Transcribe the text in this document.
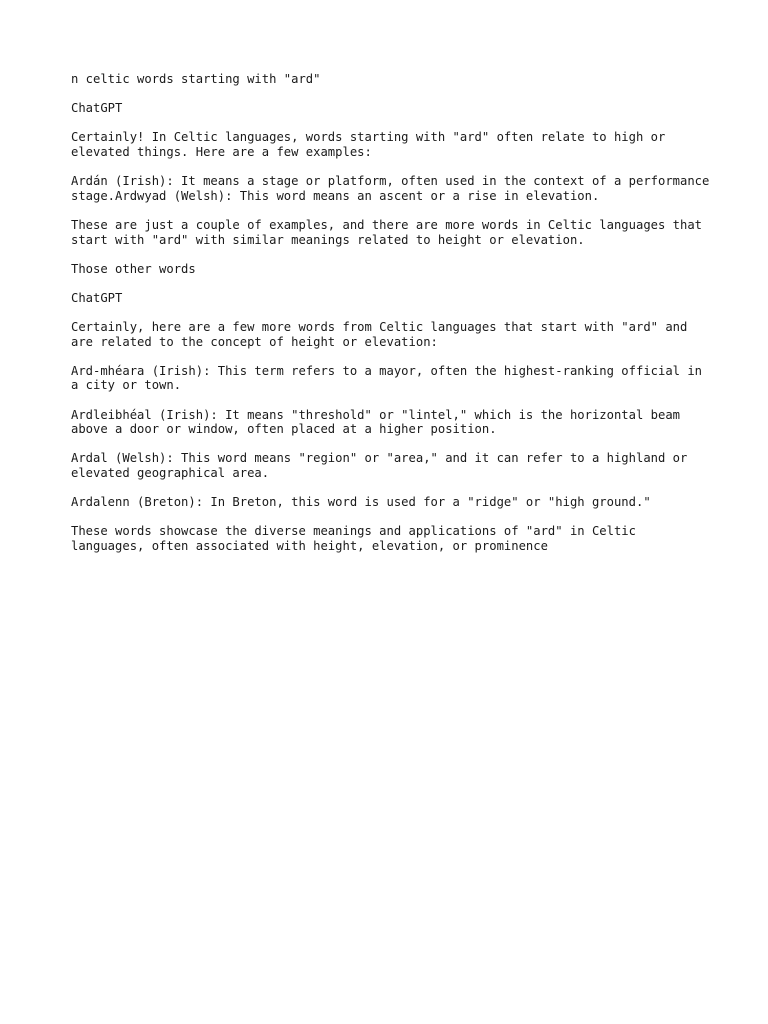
n celtic words starting with "ard"

ChatGPT

Certainly! In Celtic languages, words starting with "ard" often relate to high or elevated things. Here are a few examples:

Ardán (Irish): It means a stage or platform, often used in the context of a performance stage.Ardwyad (Welsh): This word means an ascent or a rise in elevation.

These are just a couple of examples, and there are more words in Celtic languages that start with "ard" with similar meanings related to height or elevation.

Those other words

ChatGPT

Certainly, here are a few more words from Celtic languages that start with "ard" and are related to the concept of height or elevation:

Ard-mhéara (Irish): This term refers to a mayor, often the highest-ranking official in a city or town.

Ardleibhéal (Irish): It means "threshold" or "lintel," which is the horizontal beam above a door or window, often placed at a higher position.

Ardal (Welsh): This word means "region" or "area," and it can refer to a highland or elevated geographical area.

Ardalenn (Breton): In Breton, this word is used for a "ridge" or "high ground."

These words showcase the diverse meanings and applications of "ard" in Celtic languages, often associated with height, elevation, or prominence
